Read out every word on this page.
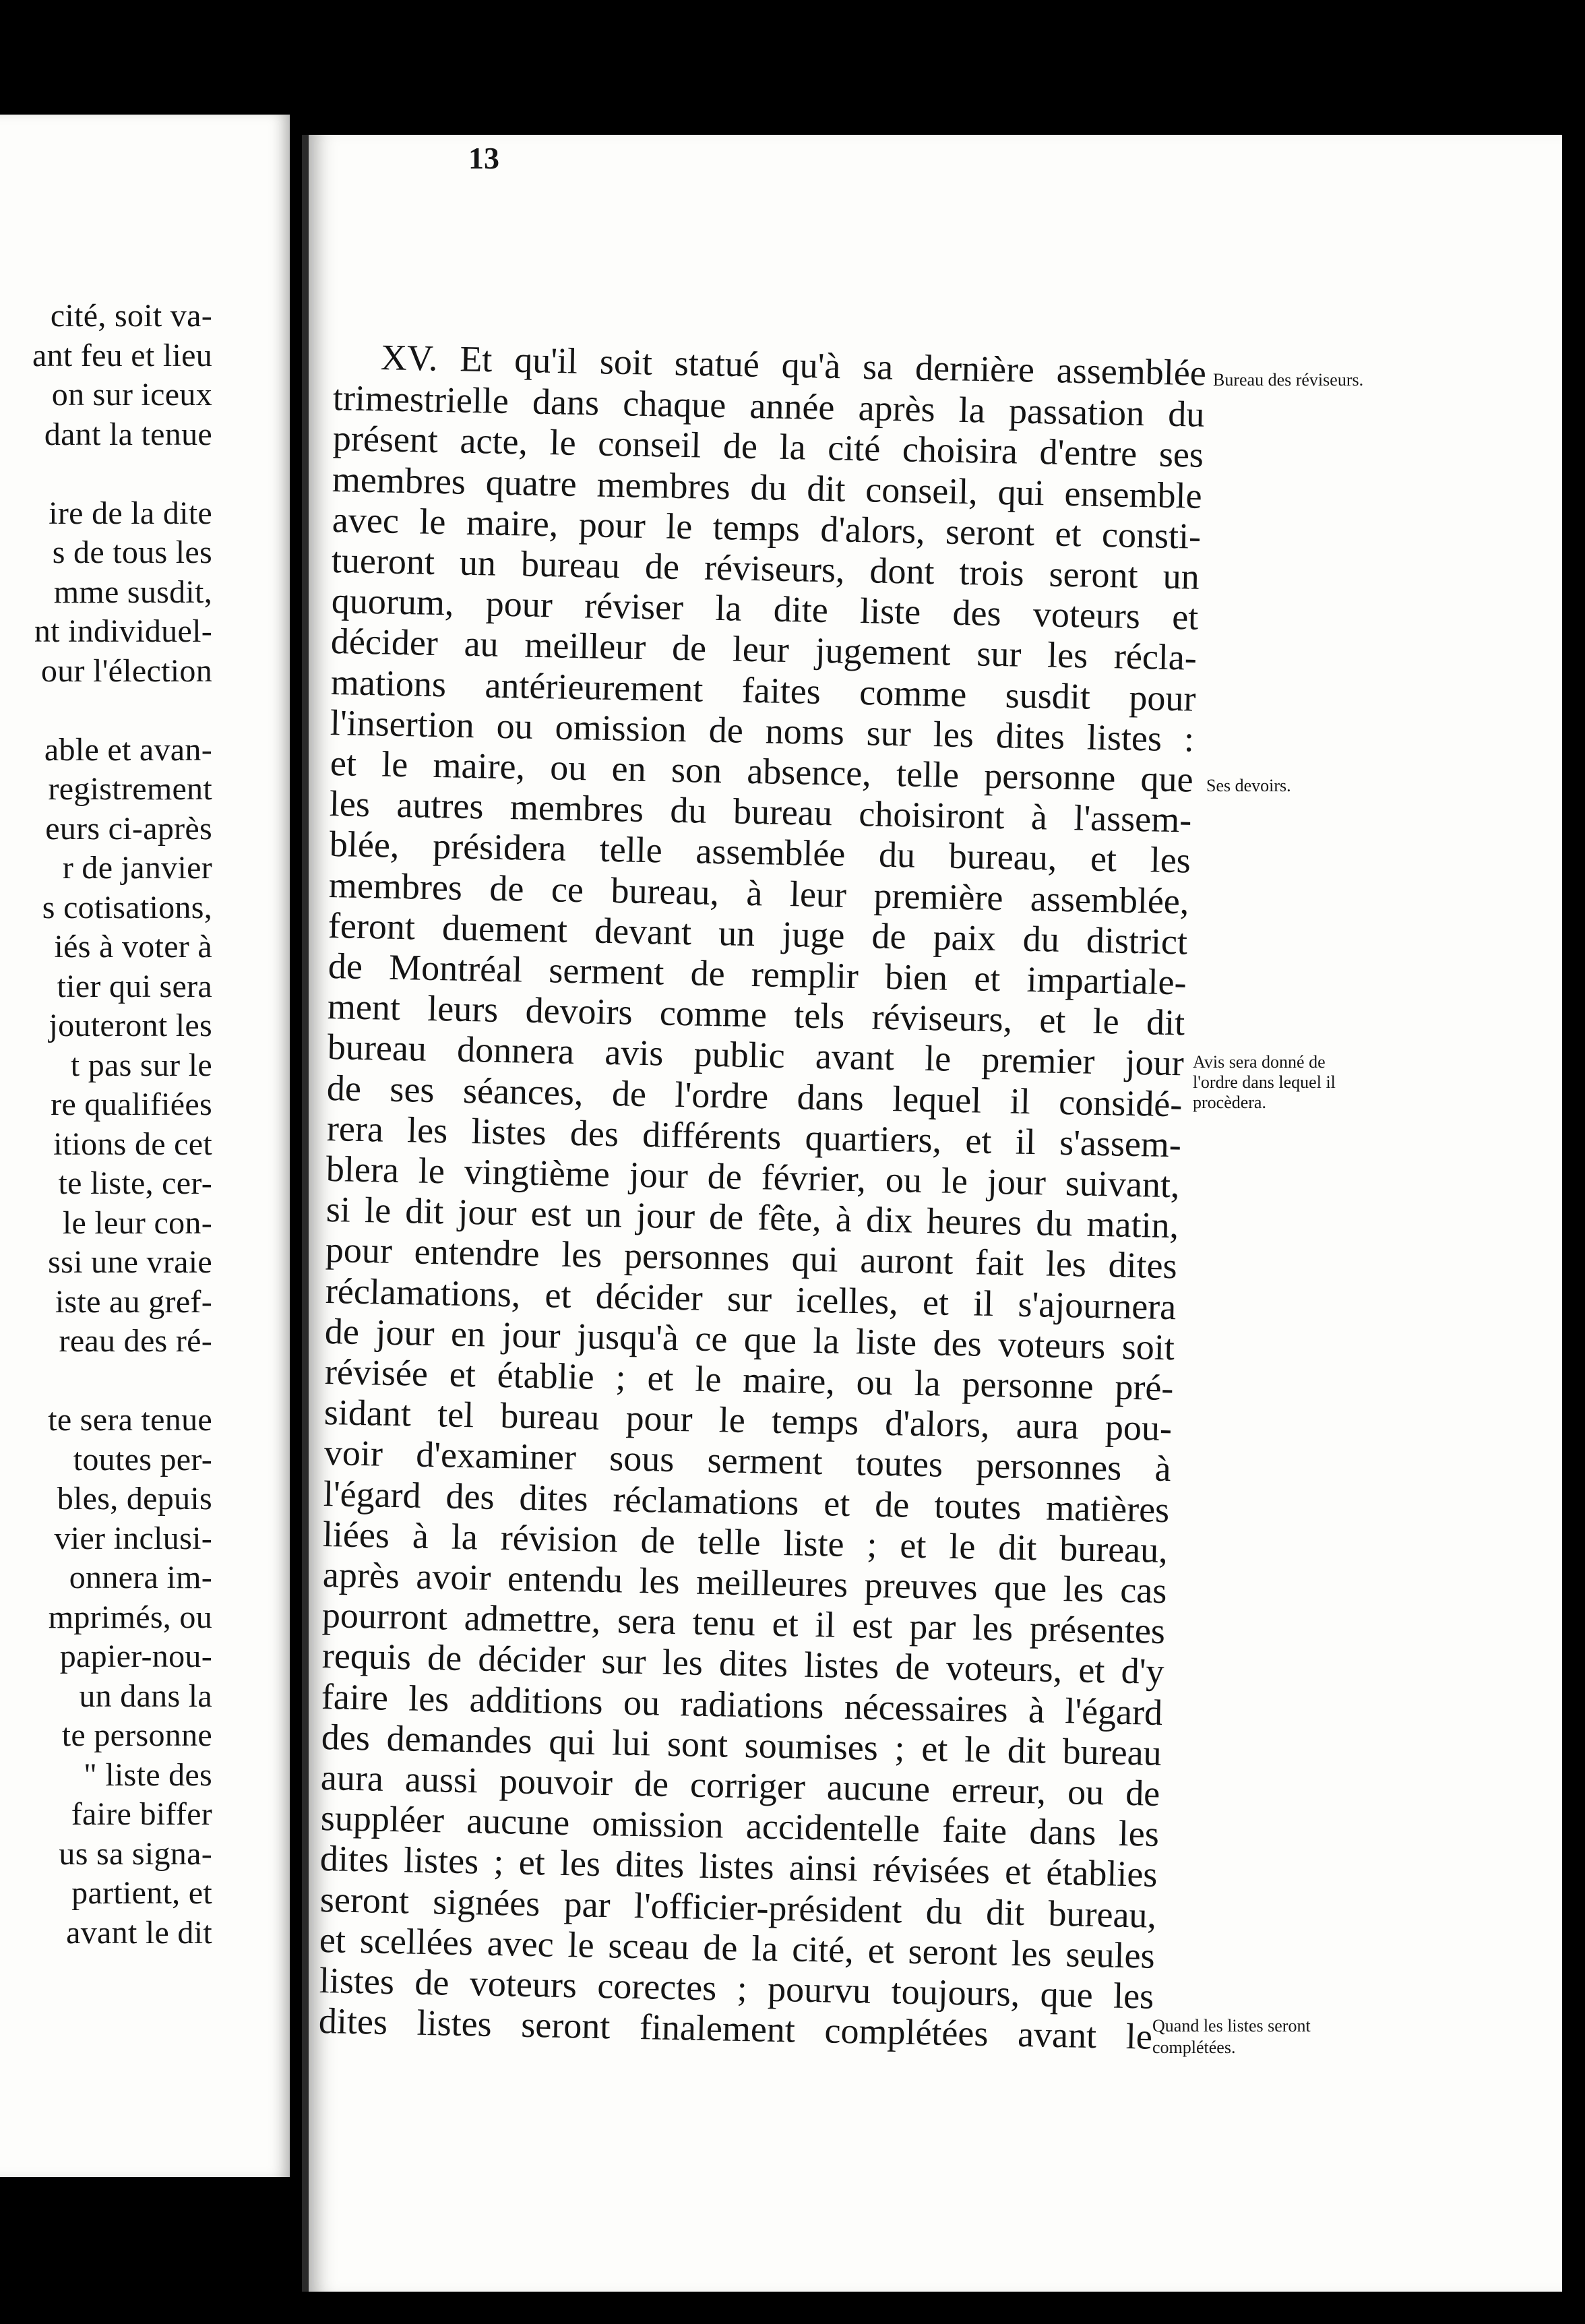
cité, soit va-
ant feu et lieu
on sur iceux
dant la tenue
ire de la dite
s de tous les
mme susdit,
nt individuel-
our l'élection
able et avan-
registrement
eurs ci-après
r de janvier
s cotisations,
iés à voter à
tier qui sera
jouteront les
t pas sur le
re qualifiées
itions de cet
te liste, cer-
le leur con-
ssi une vraie
iste au gref-
reau des ré-
te sera tenue
toutes per-
bles, depuis
vier inclusi-
onnera im-
mprimés, ou
papier-nou-
un dans la
te personne
" liste des
faire biffer
us sa signa-
partient, et
avant le dit
13
XV. Et qu'il soit statué qu'à sa dernière assemblée
trimestrielle dans chaque année après la passation du
présent acte, le conseil de la cité choisira d'entre ses
membres quatre membres du dit conseil, qui ensemble
avec le maire, pour le temps d'alors, seront et consti-
tueront un bureau de réviseurs, dont trois seront un
quorum, pour réviser la dite liste des voteurs et
décider au meilleur de leur jugement sur les récla-
mations antérieurement faites comme susdit pour
l'insertion ou omission de noms sur les dites listes :
et le maire, ou en son absence, telle personne que
les autres membres du bureau choisiront à l'assem-
blée, présidera telle assemblée du bureau, et les
membres de ce bureau, à leur première assemblée,
feront duement devant un juge de paix du district
de Montréal serment de remplir bien et impartiale-
ment leurs devoirs comme tels réviseurs, et le dit
bureau donnera avis public avant le premier jour
de ses séances, de l'ordre dans lequel il considé-
rera les listes des différents quartiers, et il s'assem-
blera le vingtième jour de février, ou le jour suivant,
si le dit jour est un jour de fête, à dix heures du matin,
pour entendre les personnes qui auront fait les dites
réclamations, et décider sur icelles, et il s'ajournera
de jour en jour jusqu'à ce que la liste des voteurs soit
révisée et établie ; et le maire, ou la personne pré-
sidant tel bureau pour le temps d'alors, aura pou-
voir d'examiner sous serment toutes personnes à
l'égard des dites réclamations et de toutes matières
liées à la révision de telle liste ; et le dit bureau,
après avoir entendu les meilleures preuves que les cas
pourront admettre, sera tenu et il est par les présentes
requis de décider sur les dites listes de voteurs, et d'y
faire les additions ou radiations nécessaires à l'égard
des demandes qui lui sont soumises ; et le dit bureau
aura aussi pouvoir de corriger aucune erreur, ou de
suppléer aucune omission accidentelle faite dans les
dites listes ; et les dites listes ainsi révisées et établies
seront signées par l'officier-président du dit bureau,
et scellées avec le sceau de la cité, et seront les seules
listes de voteurs corectes ; pourvu toujours, que les
dites listes seront finalement complétées avant le
Bureau des réviseurs.
Ses devoirs.
Avis sera donné de
l'ordre dans lequel il
procèdera.
Quand les listes seront
complétées.
